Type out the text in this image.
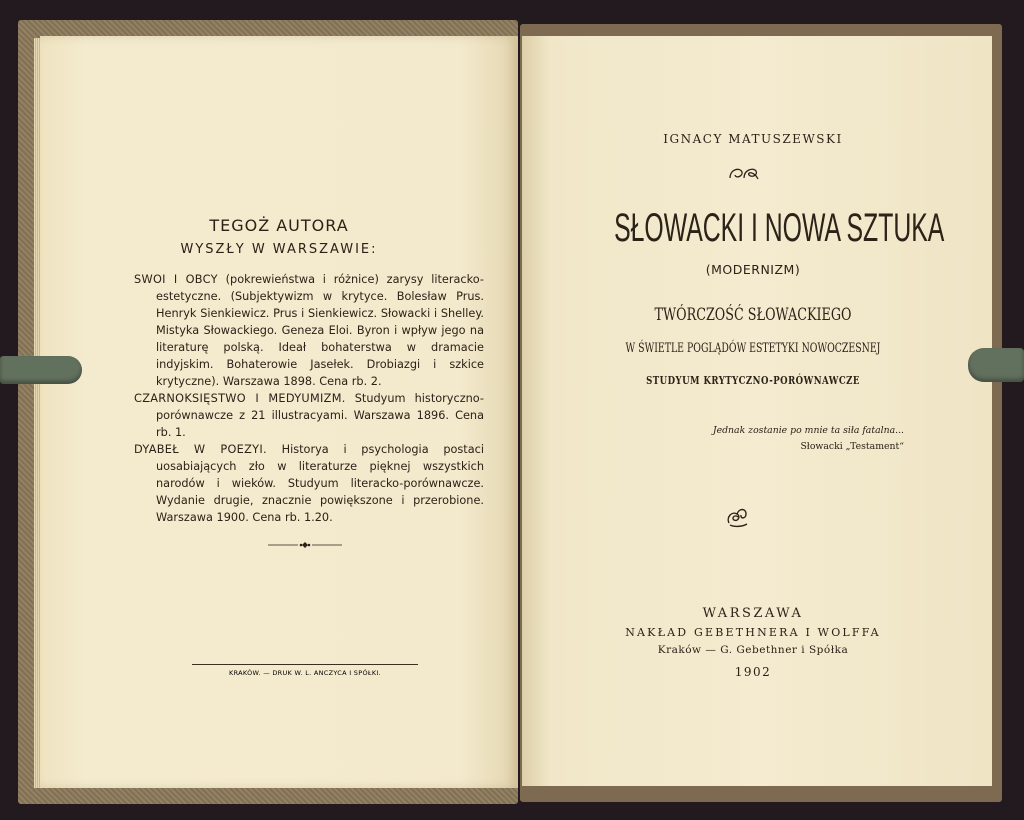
TEGOŻ AUTORA
WYSZŁY W WARSZAWIE:

SWOI I OBCY (pokrewieństwa i różnice) zarysy literacko-estetyczne. (Subjektywizm w krytyce. Bolesław Prus. Henryk Sienkiewicz. Prus i Sienkiewicz. Słowacki i Shelley. Mistyka Słowackiego. Geneza Eloi. Byron i wpływ jego na literaturę polską. Ideał bohaterstwa w dramacie indyjskim. Bohaterowie Jasełek. Drobiazgi i szkice krytyczne). Warszawa 1898. Cena rb. 2.

CZARNOKSIĘSTWO I MEDYUMIZM. Studyum historyczno-porównawcze z 21 illustracyami. Warszawa 1896. Cena rb. 1.

DYABEŁ W POEZYI. Historya i psychologia postaci uosabiających zło w literaturze pięknej wszystkich narodów i wieków. Studyum literacko-porównawcze. Wydanie drugie, znacznie powiększone i przerobione. Warszawa 1900. Cena rb. 1.20.

KRAKÓW. — DRUK W. L. ANCZYCA I SPÓŁKI.
IGNACY MATUSZEWSKI
SŁOWACKI I NOWA SZTUKA
(MODERNIZM)
TWÓRCZOŚĆ SŁOWACKIEGO
W ŚWIETLE POGLĄDÓW ESTETYKI NOWOCZESNEJ
STUDYUM KRYTYCZNO-PORÓWNAWCZE
Jednak zostanie po mnie ta siła fatalna...
Słowacki „Testament“
WARSZAWA
NAKŁAD GEBETHNERA I WOLFFA
Kraków — G. Gebethner i Spółka
1902
